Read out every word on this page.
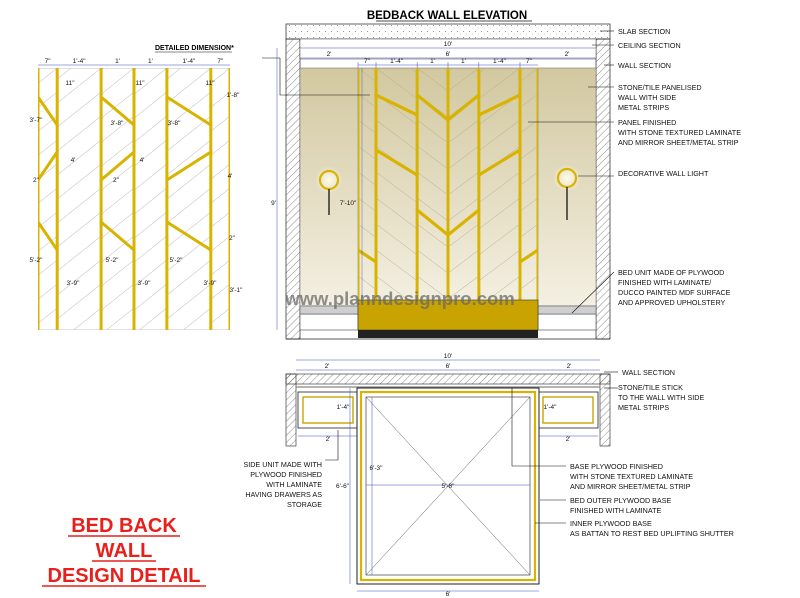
DETAILED DIMENSION*
7"	1'-4"	1'	1'	1'-4"	7"
11"	11"	11"
3'-8"	3'-8"
1'-8"
4'	4'
4'
5'-2"	5'-2"	5'-2"
3'-9"	3'-9"	3'-9"
3'-7"
3'-1"
2"	2"
2"
BEDBACK WALL ELEVATION
10'
2'	6'	2'
7"	1'-4"	1'	1'	1'-4"	7"
9'	7'-10"
SLAB SECTION
CEILING SECTION
WALL SECTION
STONE/TILE PANELISED
WALL WITH SIDE
METAL STRIPS
PANEL FINISHED
WITH STONE TEXTURED LAMINATE
AND MIRROR SHEET/METAL STRIP
DECORATIVE WALL LIGHT
BED UNIT MADE OF PLYWOOD
FINISHED WITH LAMINATE/
DUCCO PAINTED MDF SURFACE
AND APPROVED UPHOLSTERY
www.planndesignpro.com
10'
2'	6'	2'
1'-4"	1'-4"
2'	2'
5'-8"
6'-3"
6'-6"
6'
WALL SECTION
STONE/TILE STICK
TO THE WALL WITH SIDE
METAL STRIPS
SIDE UNIT MADE WITH
PLYWOOD FINISHED
WITH LAMINATE
HAVING DRAWERS AS
STORAGE
BASE PLYWOOD FINISHED
WITH STONE TEXTURED LAMINATE
AND MIRROR SHEET/METAL STRIP
BED OUTER PLYWOOD BASE
FINISHED WITH LAMINATE
INNER PLYWOOD BASE
AS BATTAN TO REST BED UPLIFTING SHUTTER
BED BACK
WALL
DESIGN DETAIL
